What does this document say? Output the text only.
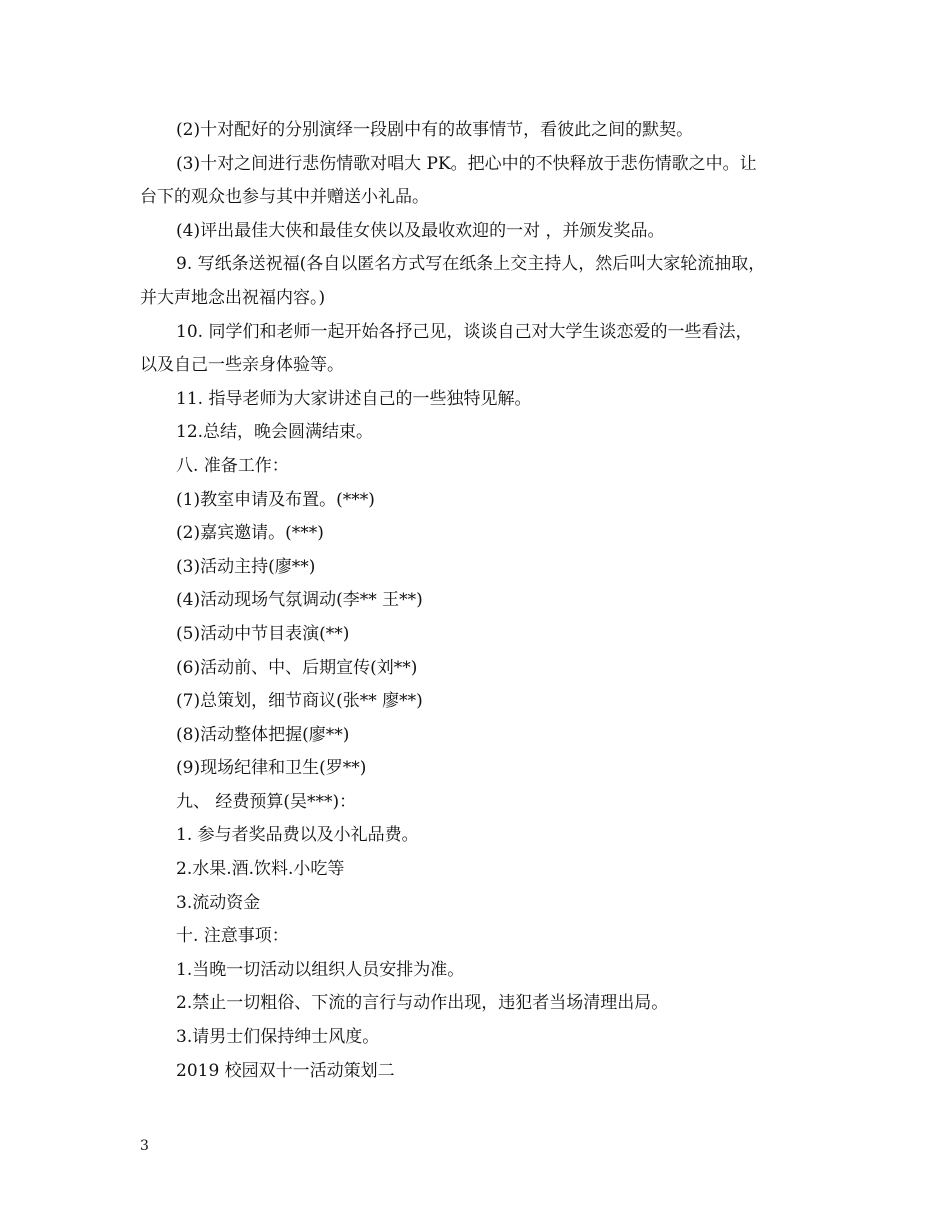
(2)十对配好的分别演绎一段剧中有的故事情节，看彼此之间的默契。

(3)十对之间进行悲伤情歌对唱大 PK。把心中的不快释放于悲伤情歌之中。让

台下的观众也参与其中并赠送小礼品。

(4)评出最佳大侠和最佳女侠以及最收欢迎的一对 ，并颁发奖品。

9. 写纸条送祝福(各自以匿名方式写在纸条上交主持人，然后叫大家轮流抽取，

并大声地念出祝福内容。)

10. 同学们和老师一起开始各抒己见，谈谈自己对大学生谈恋爱的一些看法，

以及自己一些亲身体验等。

11. 指导老师为大家讲述自己的一些独特见解。

12.总结，晚会圆满结束。

八. 准备工作：

(1)教室申请及布置。(***)

(2)嘉宾邀请。(***)

(3)活动主持(廖**)

(4)活动现场气氛调动(李** 王**)

(5)活动中节目表演(**)

(6)活动前、中、后期宣传(刘**)

(7)总策划，细节商议(张** 廖**)

(8)活动整体把握(廖**)

(9)现场纪律和卫生(罗**)

九、 经费预算(吴***)：

1. 参与者奖品费以及小礼品费。

2.水果.酒.饮料.小吃等

3.流动资金

十. 注意事项：

1.当晚一切活动以组织人员安排为准。

2.禁止一切粗俗、下流的言行与动作出现，违犯者当场清理出局。

3.请男士们保持绅士风度。

2019 校园双十一活动策划二

3
